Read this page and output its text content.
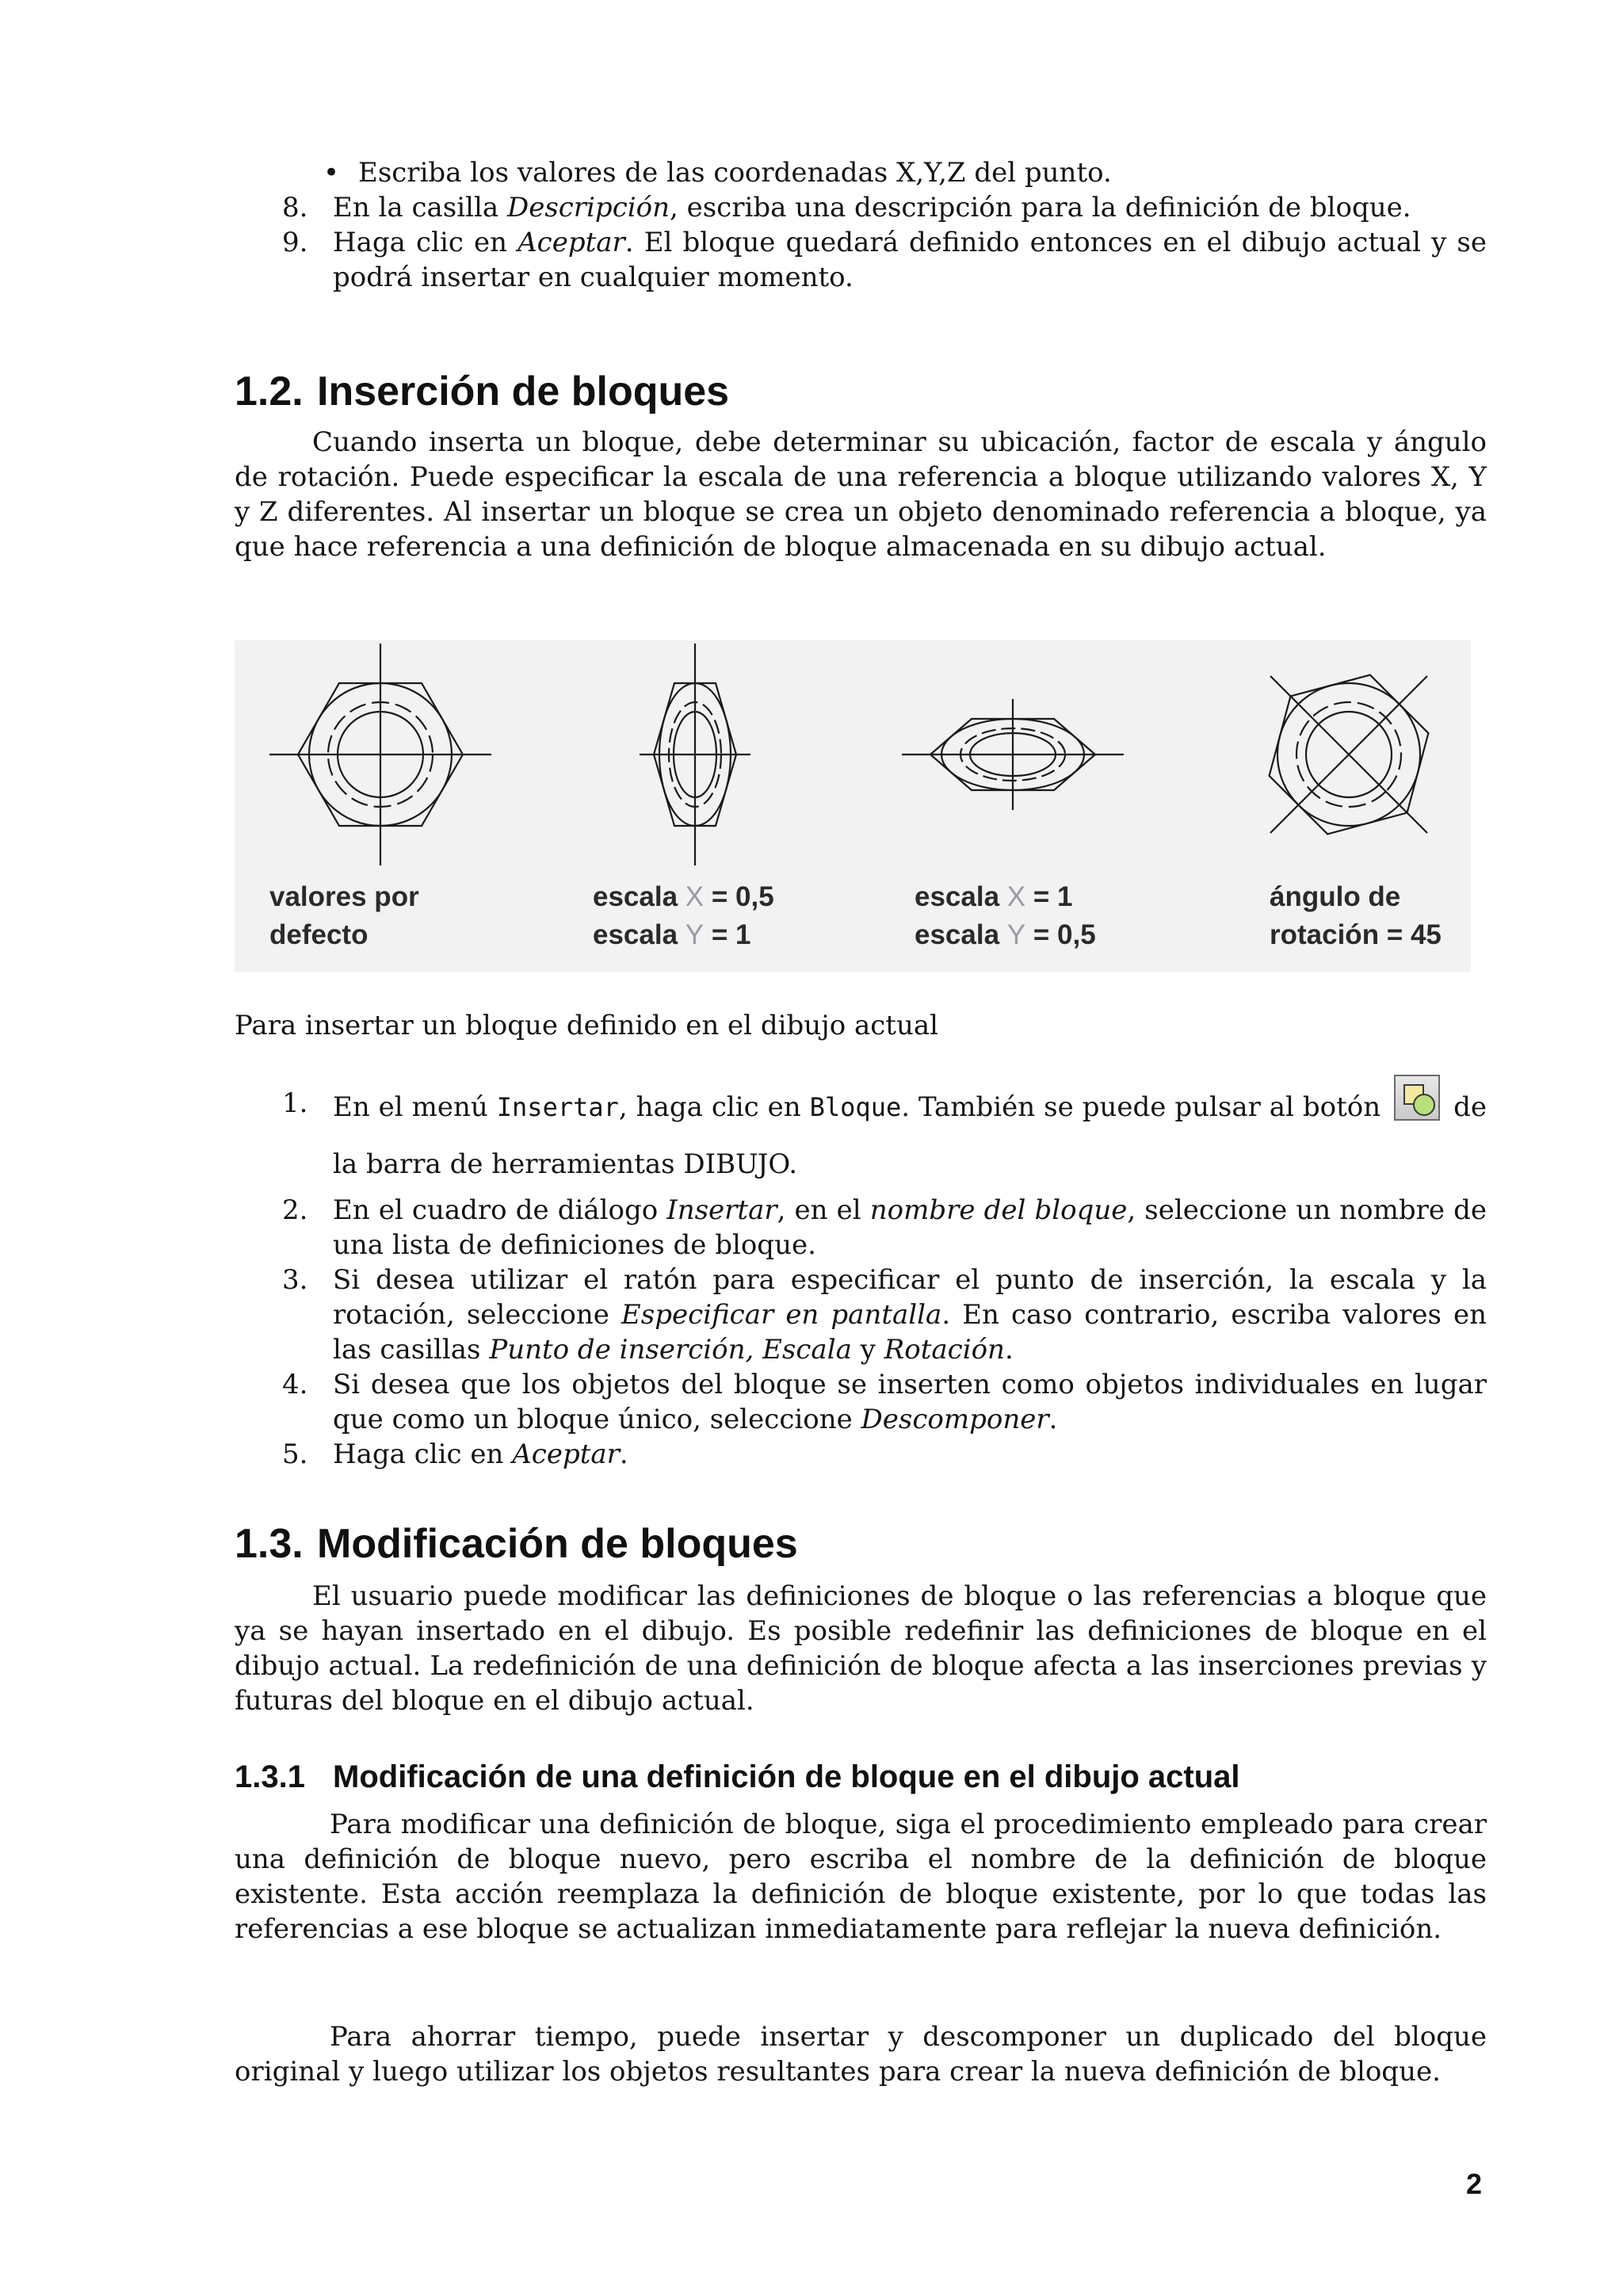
• Escriba los valores de las coordenadas X,Y,Z del punto.
8. En la casilla Descripción, escriba una descripción para la definición de bloque.
9. Haga clic en Aceptar. El bloque quedará definido entonces en el dibujo actual y se podrá insertar en cualquier momento.
1.2. Inserción de bloques

Cuando inserta un bloque, debe determinar su ubicación, factor de escala y ángulo de rotación. Puede especificar la escala de una referencia a bloque utilizando valores X, Y y Z diferentes. Al insertar un bloque se crea un objeto denominado referencia a bloque, ya que hace referencia a una definición de bloque almacenada en su dibujo actual.

valores por
defecto
escala X = 0,5
escala Y = 1
escala X = 1
escala Y = 0,5
ángulo de
rotación = 45

Para insertar un bloque definido en el dibujo actual

1. En el menú Insertar, haga clic en Bloque. También se puede pulsar al botón
de la barra de herramientas DIBUJO.
2. En el cuadro de diálogo Insertar, en el nombre del bloque, seleccione un nombre de una lista de definiciones de bloque.
3. Si desea utilizar el ratón para especificar el punto de inserción, la escala y la rotación, seleccione Especificar en pantalla. En caso contrario, escriba valores en las casillas Punto de inserción, Escala y Rotación.
4. Si desea que los objetos del bloque se inserten como objetos individuales en lugar que como un bloque único, seleccione Descomponer.
5. Haga clic en Aceptar.
1.3. Modificación de bloques

El usuario puede modificar las definiciones de bloque o las referencias a bloque que ya se hayan insertado en el dibujo. Es posible redefinir las definiciones de bloque en el dibujo actual. La redefinición de una definición de bloque afecta a las inserciones previas y futuras del bloque en el dibujo actual.

1.3.1 Modificación de una definición de bloque en el dibujo actual

Para modificar una definición de bloque, siga el procedimiento empleado para crear una definición de bloque nuevo, pero escriba el nombre de la definición de bloque existente. Esta acción reemplaza la definición de bloque existente, por lo que todas las referencias a ese bloque se actualizan inmediatamente para reflejar la nueva definición.

Para ahorrar tiempo, puede insertar y descomponer un duplicado del bloque original y luego utilizar los objetos resultantes para crear la nueva definición de bloque.

2
